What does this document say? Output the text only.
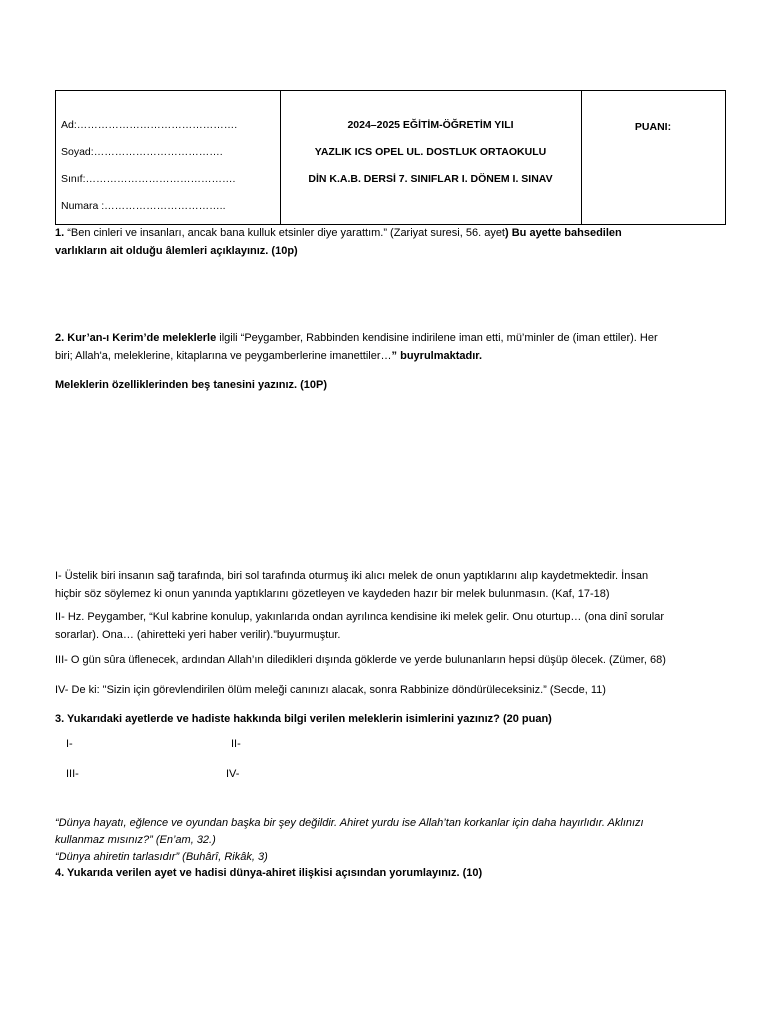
Ad:……………………………………….
Soyad:……………………………….
Sınıf:…………………………………….
Numara :……………………………..
2024–2025 EĞİTİM-ÖĞRETİM YILI
YAZLIK ICS OPEL UL. DOSTLUK ORTAOKULU
DİN K.A.B. DERSİ 7. SINIFLAR I. DÖNEM I. SINAV
PUANI:
1. “Ben cinleri ve insanları, ancak bana kulluk etsinler diye yarattım.” (Zariyat suresi, 56. ayet) Bu ayette bahsedilen
varlıkların ait olduğu âlemleri açıklayınız. (10p)
2. Kur’an-ı Kerim’de meleklerle ilgili “Peygamber, Rabbinden kendisine indirilene iman etti, mü’minler de (iman ettiler). Her
biri; Allah'a, meleklerine, kitaplarına ve peygamberlerine imanettiler…” buyrulmaktadır.
Meleklerin özelliklerinden beş tanesini yazınız. (10P)
I- Üstelik biri insanın sağ tarafında, biri sol tarafında oturmuş iki alıcı melek de onun yaptıklarını alıp kaydetmektedir. İnsan
hiçbir söz söylemez ki onun yanında yaptıklarını gözetleyen ve kaydeden hazır bir melek bulunmasın. (Kaf, 17-18)
II- Hz. Peygamber, “Kul kabrine konulup, yakınlarıda ondan ayrılınca kendisine iki melek gelir. Onu oturtup… (ona dinî sorular
sorarlar). Ona… (ahiretteki yeri haber verilir).”buyurmuştur.
III- O gün sûra üflenecek, ardından Allah’ın diledikleri dışında göklerde ve yerde bulunanların hepsi düşüp ölecek. (Zümer, 68)
IV- De ki: "Sizin için görevlendirilen ölüm meleği canınızı alacak, sonra Rabbinize döndürüleceksiniz.” (Secde, 11)
3. Yukarıdaki ayetlerde ve hadiste hakkında bilgi verilen meleklerin isimlerini yazınız? (20 puan)
I-	II-
III-	IV-
“Dünya hayatı, eğlence ve oyundan başka bir şey değildir. Ahiret yurdu ise Allah’tan korkanlar için daha hayırlıdır. Aklınızı
kullanmaz mısınız?” (En’am, 32.)
“Dünya ahiretin tarlasıdır” (Buhârî, Rikâk, 3)
4. Yukarıda verilen ayet ve hadisi dünya-ahiret ilişkisi açısından yorumlayınız. (10)
